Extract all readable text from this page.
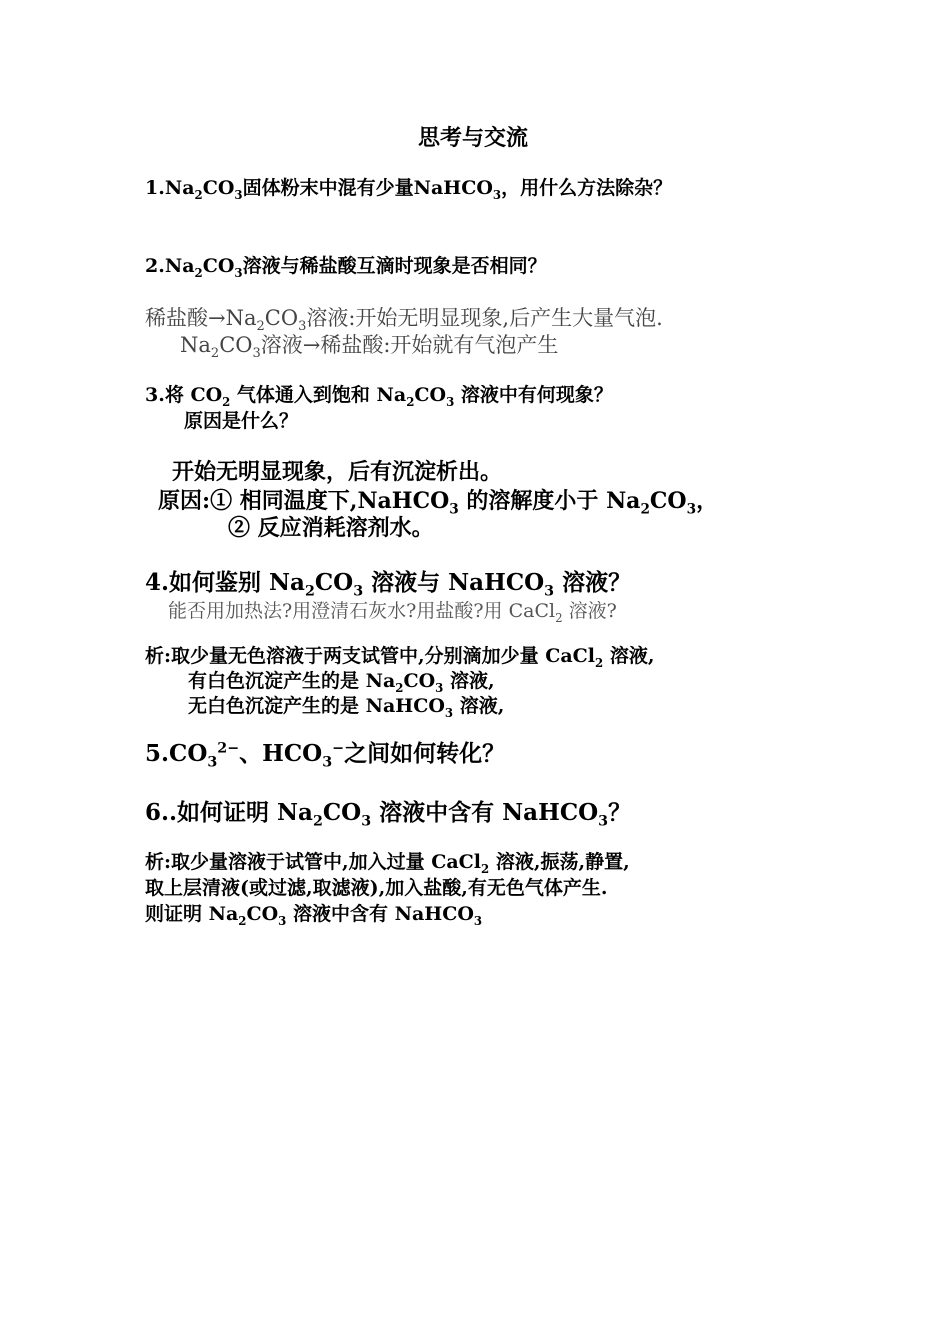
思考与交流
$1.Na_2CO_3$固体粉末中混有少量NaHCO$_3$，用什么方法除杂？
$2.Na_2CO_3$溶液与稀盐酸互滴时现象是否相同？
稀盐酸$\to Na_2CO_3$溶液:开始无明显现象,后产生大量气泡.
$Na_2CO_3$溶液→稀盐酸:开始就有气泡产生
3.将 $CO_2$ 气体通入到饱和 $Na_2CO_3$ 溶液中有何现象？
原因是什么？
开始无明显现象，后有沉淀析出。
原因:① 相同温度下,NaHCO$_3$ 的溶解度小于 $Na_2CO_3$，
② 反应消耗溶剂水。
4.如何鉴别 $Na_2CO_3$ 溶液与 NaHCO$_3$ 溶液？
能否用加热法?用澄清石灰水?用盐酸?用 CaCl$_2$ 溶液?
析:取少量无色溶液于两支试管中,分别滴加少量 CaCl$_2$ 溶液,
有白色沉淀产生的是 $Na_2CO_3$ 溶液,
无白色沉淀产生的是 NaHCO$_3$ 溶液,
$5.CO_3^{2-}$、$HCO_3^-$之间如何转化？
6..如何证明 $Na_2CO_3$ 溶液中含有 NaHCO$_3$？
析:取少量溶液于试管中,加入过量 CaCl$_2$ 溶液,振荡,静置,
取上层清液(或过滤,取滤液),加入盐酸,有无色气体产生.
则证明 $Na_2CO_3$ 溶液中含有 NaHCO$_3$
